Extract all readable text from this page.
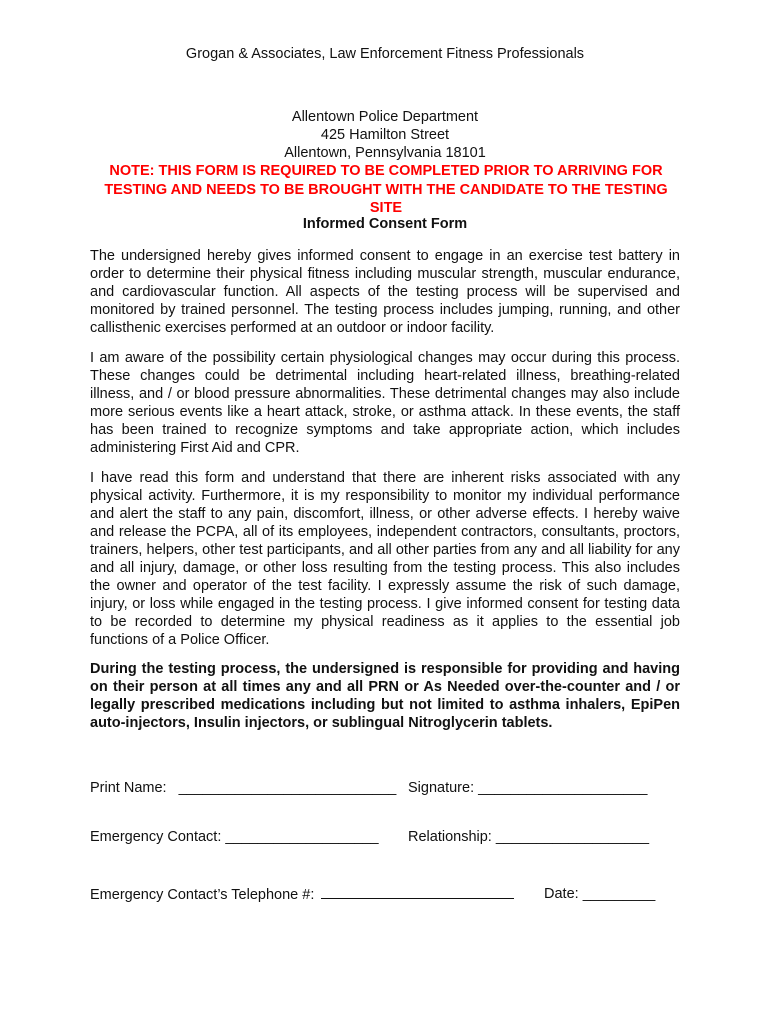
Grogan & Associates, Law Enforcement Fitness Professionals
Allentown Police Department
425 Hamilton Street
Allentown, Pennsylvania 18101
NOTE: THIS FORM IS REQUIRED TO BE COMPLETED PRIOR TO ARRIVING FOR TESTING AND NEEDS TO BE BROUGHT WITH THE CANDIDATE TO THE TESTING SITE
Informed Consent Form

The undersigned hereby gives informed consent to engage in an exercise test battery in order to determine their physical fitness including muscular strength, muscular endurance, and cardiovascular function. All aspects of the testing process will be supervised and monitored by trained personnel. The testing process includes jumping, running, and other callisthenic exercises performed at an outdoor or indoor facility.

I am aware of the possibility certain physiological changes may occur during this process. These changes could be detrimental including heart-related illness, breathing-related illness, and / or blood pressure abnormalities. These detrimental changes may also include more serious events like a heart attack, stroke, or asthma attack. In these events, the staff has been trained to recognize symptoms and take appropriate action, which includes administering First Aid and CPR.

I have read this form and understand that there are inherent risks associated with any physical activity. Furthermore, it is my responsibility to monitor my individual performance and alert the staff to any pain, discomfort, illness, or other adverse effects. I hereby waive and release the PCPA, all of its employees, independent contractors, consultants, proctors, trainers, helpers, other test participants, and all other parties from any and all liability for any and all injury, damage, or other loss resulting from the testing process. This also includes the owner and operator of the test facility. I expressly assume the risk of such damage, injury, or loss while engaged in the testing process. I give informed consent for testing data to be recorded to determine my physical readiness as it applies to the essential job functions of a Police Officer.

During the testing process, the undersigned is responsible for providing and having on their person at all times any and all PRN or As Needed over-the-counter and / or legally prescribed medications including but not limited to asthma inhalers, EpiPen auto-injectors, Insulin injectors, or sublingual Nitroglycerin tablets.

Print Name: ___________________________ Signature: _____________________
Emergency Contact: ___________________ Relationship: ___________________
Emergency Contact’s Telephone #:	Date: _________
